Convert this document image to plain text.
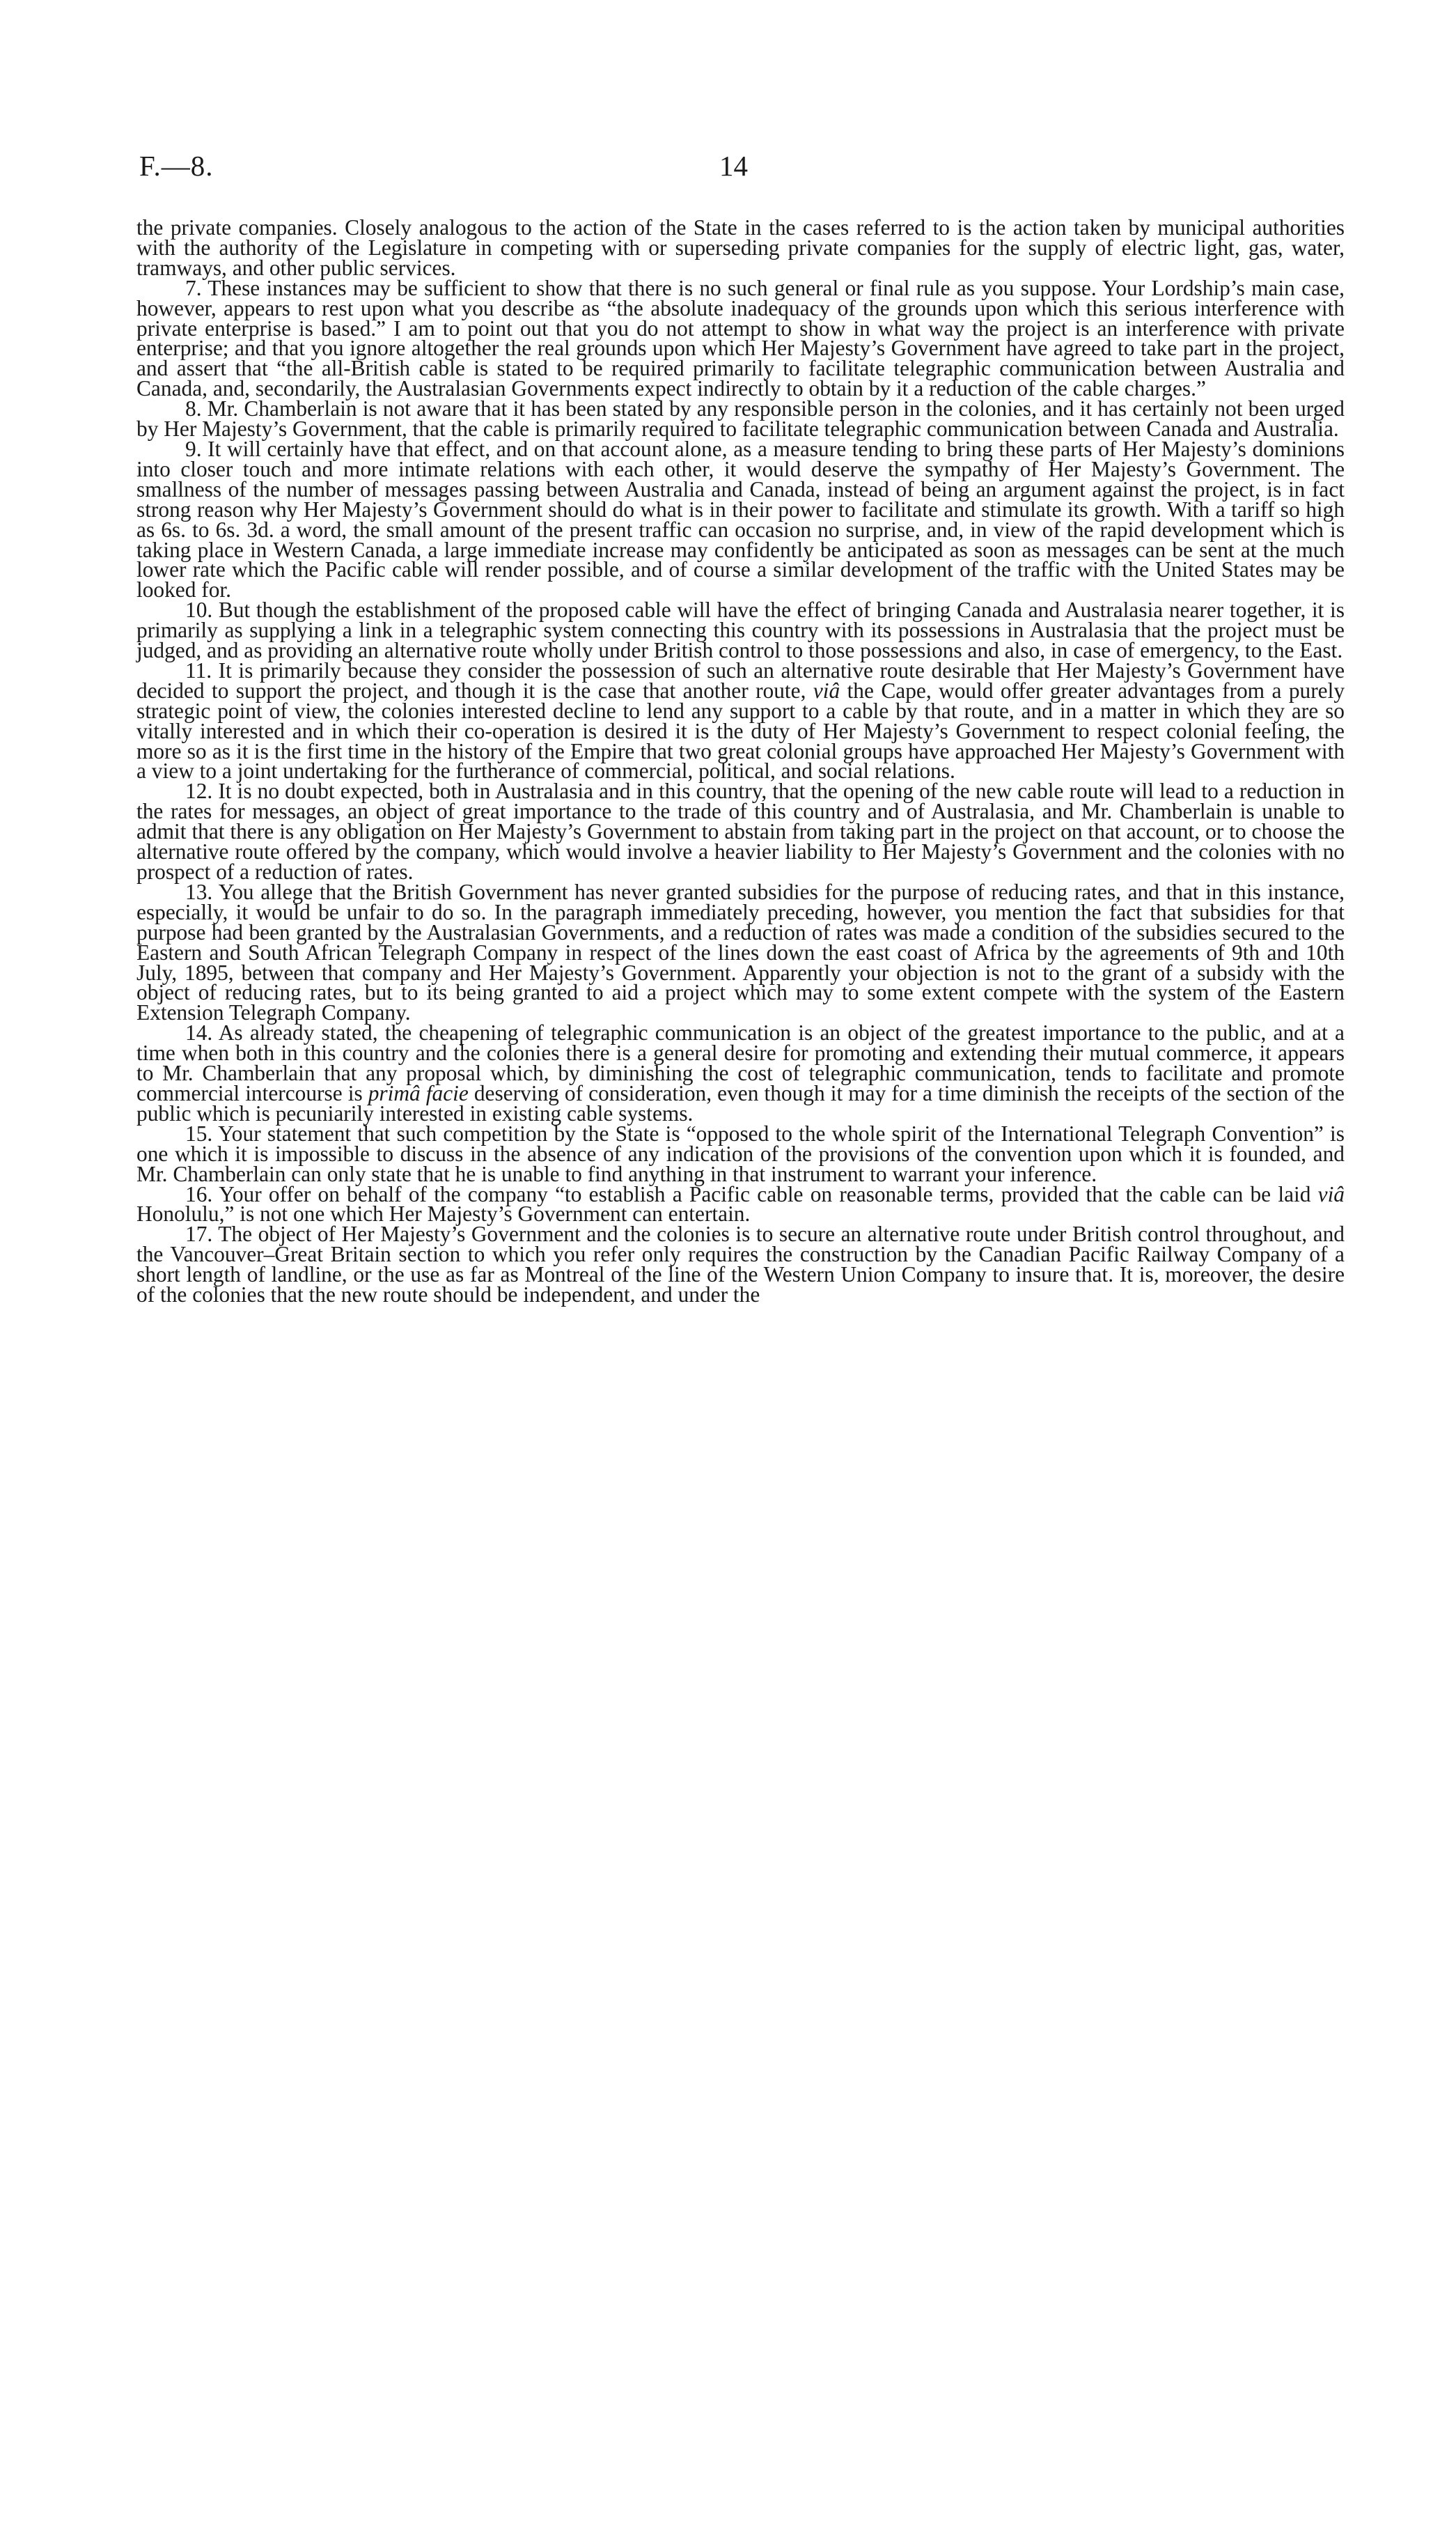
F.—8.	14

the private companies. Closely analogous to the action of the State in the cases referred to is the action taken by municipal authorities with the authority of the Legislature in competing with or superseding private companies for the supply of electric light, gas, water, tramways, and other public services.

7. These instances may be sufficient to show that there is no such general or final rule as you suppose. Your Lordship’s main case, however, appears to rest upon what you describe as “the absolute inadequacy of the grounds upon which this serious interference with private enterprise is based.” I am to point out that you do not attempt to show in what way the project is an interference with private enterprise; and that you ignore altogether the real grounds upon which Her Majesty’s Government have agreed to take part in the project, and assert that “the all-British cable is stated to be required primarily to facilitate telegraphic communication between Australia and Canada, and, secondarily, the Australasian Governments expect indirectly to obtain by it a reduction of the cable charges.”

8. Mr. Chamberlain is not aware that it has been stated by any responsible person in the colonies, and it has certainly not been urged by Her Majesty’s Government, that the cable is primarily required to facilitate telegraphic communication between Canada and Australia.

9. It will certainly have that effect, and on that account alone, as a measure tending to bring these parts of Her Majesty’s dominions into closer touch and more intimate relations with each other, it would deserve the sympathy of Her Majesty’s Government. The smallness of the number of messages passing between Australia and Canada, instead of being an argument against the project, is in fact strong reason why Her Majesty’s Government should do what is in their power to facilitate and stimulate its growth. With a tariff so high as 6s. to 6s. 3d. a word, the small amount of the present traffic can occasion no surprise, and, in view of the rapid development which is taking place in Western Canada, a large immediate increase may confidently be anticipated as soon as messages can be sent at the much lower rate which the Pacific cable will render possible, and of course a similar development of the traffic with the United States may be looked for.

10. But though the establishment of the proposed cable will have the effect of bringing Canada and Australasia nearer together, it is primarily as supplying a link in a telegraphic system connecting this country with its possessions in Australasia that the project must be judged, and as providing an alternative route wholly under British control to those possessions and also, in case of emergency, to the East.

11. It is primarily because they consider the possession of such an alternative route desirable that Her Majesty’s Government have decided to support the project, and though it is the case that another route, viâ the Cape, would offer greater advantages from a purely strategic point of view, the colonies interested decline to lend any support to a cable by that route, and in a matter in which they are so vitally interested and in which their co-operation is desired it is the duty of Her Majesty’s Government to respect colonial feeling, the more so as it is the first time in the history of the Empire that two great colonial groups have approached Her Majesty’s Government with a view to a joint undertaking for the furtherance of commercial, political, and social relations.

12. It is no doubt expected, both in Australasia and in this country, that the opening of the new cable route will lead to a reduction in the rates for messages, an object of great importance to the trade of this country and of Australasia, and Mr. Chamberlain is unable to admit that there is any obligation on Her Majesty’s Government to abstain from taking part in the project on that account, or to choose the alternative route offered by the company, which would involve a heavier liability to Her Majesty’s Government and the colonies with no prospect of a reduction of rates.

13. You allege that the British Government has never granted subsidies for the purpose of reducing rates, and that in this instance, especially, it would be unfair to do so. In the paragraph immediately preceding, however, you mention the fact that subsidies for that purpose had been granted by the Australasian Governments, and a reduction of rates was made a condition of the subsidies secured to the Eastern and South African Telegraph Company in respect of the lines down the east coast of Africa by the agreements of 9th and 10th July, 1895, between that company and Her Majesty’s Government. Apparently your objection is not to the grant of a subsidy with the object of reducing rates, but to its being granted to aid a project which may to some extent compete with the system of the Eastern Extension Telegraph Company.

14. As already stated, the cheapening of telegraphic communication is an object of the greatest importance to the public, and at a time when both in this country and the colonies there is a general desire for promoting and extending their mutual commerce, it appears to Mr. Chamberlain that any proposal which, by diminishing the cost of telegraphic communication, tends to facilitate and promote commercial intercourse is primâ facie deserving of consideration, even though it may for a time diminish the receipts of the section of the public which is pecuniarily interested in existing cable systems.

15. Your statement that such competition by the State is “opposed to the whole spirit of the International Telegraph Convention” is one which it is impossible to discuss in the absence of any indication of the provisions of the convention upon which it is founded, and Mr. Chamberlain can only state that he is unable to find anything in that instrument to warrant your inference.

16. Your offer on behalf of the company “to establish a Pacific cable on reasonable terms, provided that the cable can be laid viâ Honolulu,” is not one which Her Majesty’s Government can entertain.

17. The object of Her Majesty’s Government and the colonies is to secure an alternative route under British control throughout, and the Vancouver–Great Britain section to which you refer only requires the construction by the Canadian Pacific Railway Company of a short length of landline, or the use as far as Montreal of the line of the Western Union Company to insure that. It is, moreover, the desire of the colonies that the new route should be independent, and under the
